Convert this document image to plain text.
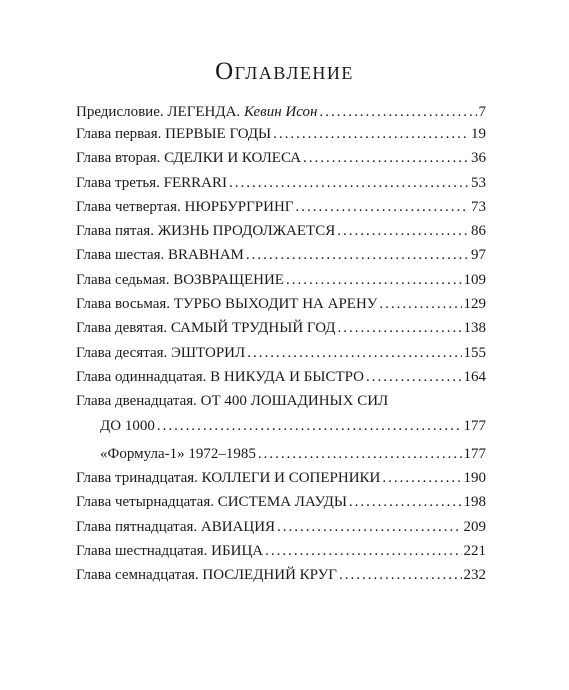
Оглавление
Предисловие. ЛЕГЕНДА. Кевин Исон .....	7
Глава первая. ПЕРВЫЕ ГОДЫ .....	19
Глава вторая. СДЕЛКИ И КОЛЕСА .....	36
Глава третья. FERRARI .....	53
Глава четвертая. НЮРБУРГРИНГ .....	73
Глава пятая. ЖИЗНЬ ПРОДОЛЖАЕТСЯ .....	86
Глава шестая. BRABHAM .....	97
Глава седьмая. ВОЗВРАЩЕНИЕ .....	109
Глава восьмая. ТУРБО ВЫХОДИТ НА АРЕНУ .....	129
Глава девятая. САМЫЙ ТРУДНЫЙ ГОД .....	138
Глава десятая. ЭШТОРИЛ .....	155
Глава одиннадцатая. В НИКУДА И БЫСТРО .....	164
Глава двенадцатая. ОТ 400 ЛОШАДИНЫХ СИЛ
ДО 1000 .....	177
«Формула-1» 1972–1985 .....	177
Глава тринадцатая. КОЛЛЕГИ И СОПЕРНИКИ .....	190
Глава четырнадцатая. СИСТЕМА ЛАУДЫ .....	198
Глава пятнадцатая. АВИАЦИЯ .....	209
Глава шестнадцатая. ИБИЦА .....	221
Глава семнадцатая. ПОСЛЕДНИЙ КРУГ .....	232
